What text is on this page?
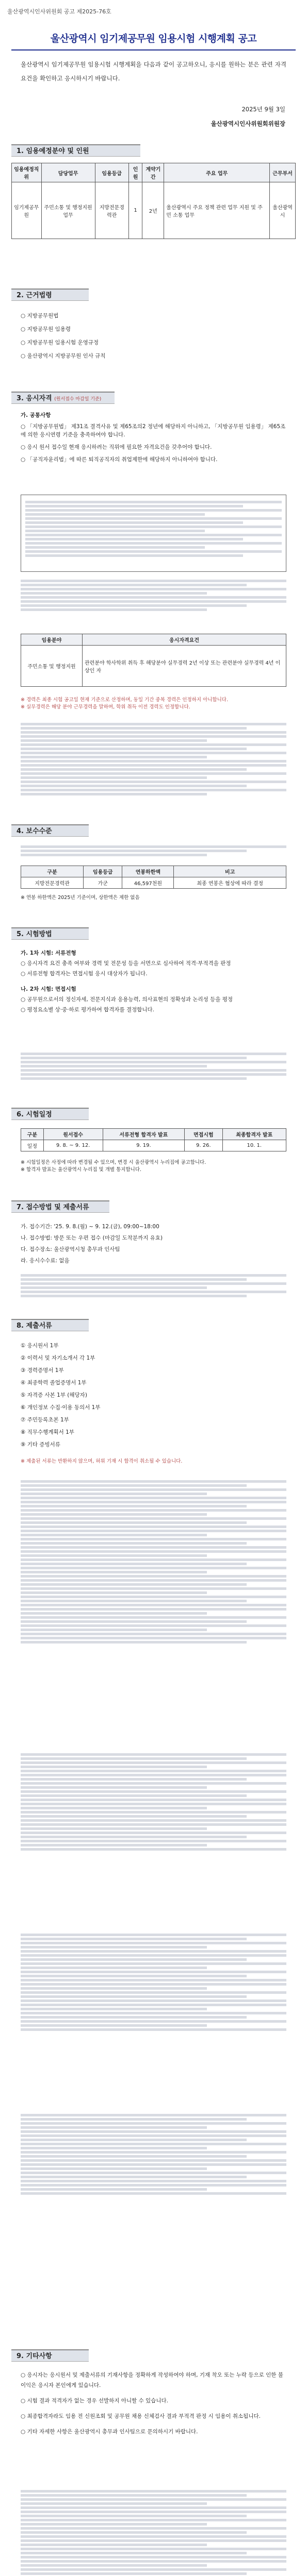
울산광역시인사위원회 공고 제2025-76호
울산광역시 임기제공무원 임용시험 시행계획 공고
울산광역시 임기제공무원 임용시험 시행계획을 다음과 같이 공고하오니, 응시를 원하는 분은 관련 자격요건을 확인하고 응시하시기 바랍니다.
2025년 9월 3일
울산광역시인사위원회위원장
1. 임용예정분야 및 인원
임용예정직위	담당업무	임용등급	인원	계약기간	주요 업무	근무부서
임기제공무원	주민소통 및 행정지원 업무	지방전문경력관	1	2년	울산광역시 주요 정책 관련 업무 지원 및 주민 소통 업무	울산광역시
2. 근거법령
○ 지방공무원법
○ 지방공무원 임용령
○ 지방공무원 임용시험 운영규정
○ 울산광역시 지방공무원 인사 규칙
3. 응시자격 (원서접수 마감일 기준)
가. 공통사항
○ 「지방공무원법」 제31조 결격사유 및 제65조의2 정년에 해당하지 아니하고, 「지방공무원 임용령」 제65조에 의한 응시연령 기준을 충족하여야 합니다.
○ 응시 원서 접수일 현재 응시하려는 직위에 필요한 자격요건을 갖추어야 합니다.
○ 「공직자윤리법」에 따른 퇴직공직자의 취업제한에 해당하지 아니하여야 합니다.
임용분야	응시자격요건
주민소통 및 행정지원	관련분야 학사학위 취득 후 해당분야 실무경력 2년 이상 또는 관련분야 실무경력 4년 이상인 자
※ 경력은 최종 시험 공고일 현재 기준으로 산정하며, 동일 기간 중복 경력은 인정하지 아니합니다.
※ 실무경력은 해당 분야 근무경력을 말하며, 학위 취득 이전 경력도 인정합니다.
4. 보수수준
구분	임용등급	연봉하한액	비고
지방전문경력관	가군	46,597천원	최종 연봉은 협상에 따라 결정
※ 연봉 하한액은 2025년 기준이며, 상한액은 제한 없음
5. 시험방법
가. 1차 시험: 서류전형
○ 응시자격 요건 충족 여부와 경력 및 전문성 등을 서면으로 심사하여 적격·부적격을 판정
○ 서류전형 합격자는 면접시험 응시 대상자가 됩니다.
나. 2차 시험: 면접시험
○ 공무원으로서의 정신자세, 전문지식과 응용능력, 의사표현의 정확성과 논리성 등을 평정
○ 평정요소별 상·중·하로 평가하여 합격자를 결정합니다.
6. 시험일정
구분	원서접수	서류전형 합격자 발표	면접시험	최종합격자 발표
일정	9. 8. ~ 9. 12.	9. 19.	9. 26.	10. 1.
※ 시험일정은 사정에 따라 변경될 수 있으며, 변경 시 울산광역시 누리집에 공고합니다.
※ 합격자 발표는 울산광역시 누리집 및 개별 통지합니다.
7. 접수방법 및 제출서류
가. 접수기간: '25. 9. 8.(월) ~ 9. 12.(금), 09:00~18:00
나. 접수방법: 방문 또는 우편 접수 (마감일 도착분까지 유효)
다. 접수장소: 울산광역시청 총무과 인사팀
라. 응시수수료: 없음
8. 제출서류
① 응시원서 1부
② 이력서 및 자기소개서 각 1부
③ 경력증명서 1부
④ 최종학력 졸업증명서 1부
⑤ 자격증 사본 1부 (해당자)
⑥ 개인정보 수집·이용 동의서 1부
⑦ 주민등록초본 1부
⑧ 직무수행계획서 1부
⑨ 기타 증빙서류
※ 제출된 서류는 반환하지 않으며, 허위 기재 시 합격이 취소될 수 있습니다.
9. 기타사항
○ 응시자는 응시원서 및 제출서류의 기재사항을 정확하게 작성하여야 하며, 기재 착오 또는 누락 등으로 인한 불이익은 응시자 본인에게 있습니다.
○ 시험 결과 적격자가 없는 경우 선발하지 아니할 수 있습니다.
○ 최종합격자라도 임용 전 신원조회 및 공무원 채용 신체검사 결과 부적격 판정 시 임용이 취소됩니다.
○ 기타 자세한 사항은 울산광역시 총무과 인사팀으로 문의하시기 바랍니다.
